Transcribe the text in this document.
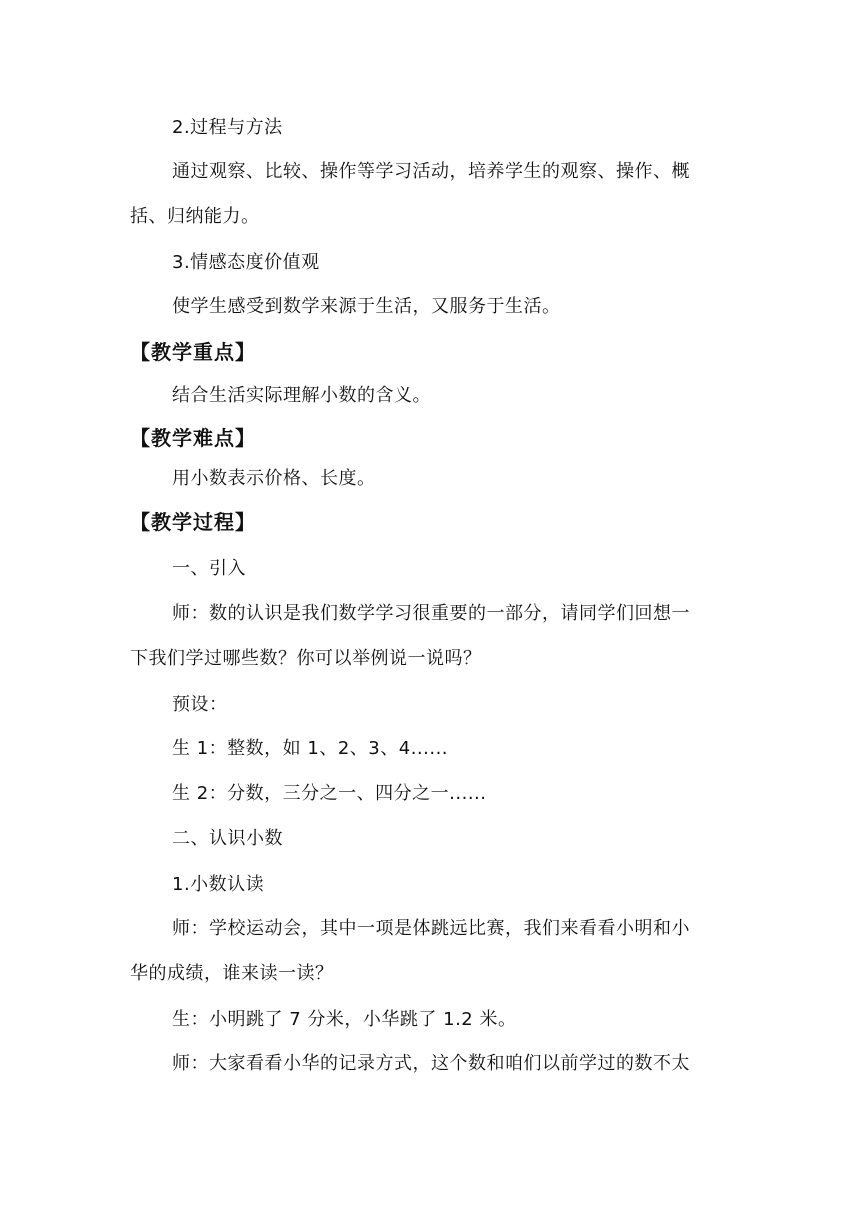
2.过程与方法
通过观察、比较、操作等学习活动，培养学生的观察、操作、概
括、归纳能力。
3.情感态度价值观
使学生感受到数学来源于生活，又服务于生活。
【教学重点】
结合生活实际理解小数的含义。
【教学难点】
用小数表示价格、长度。
【教学过程】
一、引入
师：数的认识是我们数学学习很重要的一部分，请同学们回想一
下我们学过哪些数？你可以举例说一说吗？
预设：
生 1：整数，如 1、2、3、4......
生 2：分数，三分之一、四分之一......
二、认识小数
1.小数认读
师：学校运动会，其中一项是体跳远比赛，我们来看看小明和小
华的成绩，谁来读一读？
生：小明跳了 7 分米，小华跳了 1.2 米。
师：大家看看小华的记录方式，这个数和咱们以前学过的数不太
